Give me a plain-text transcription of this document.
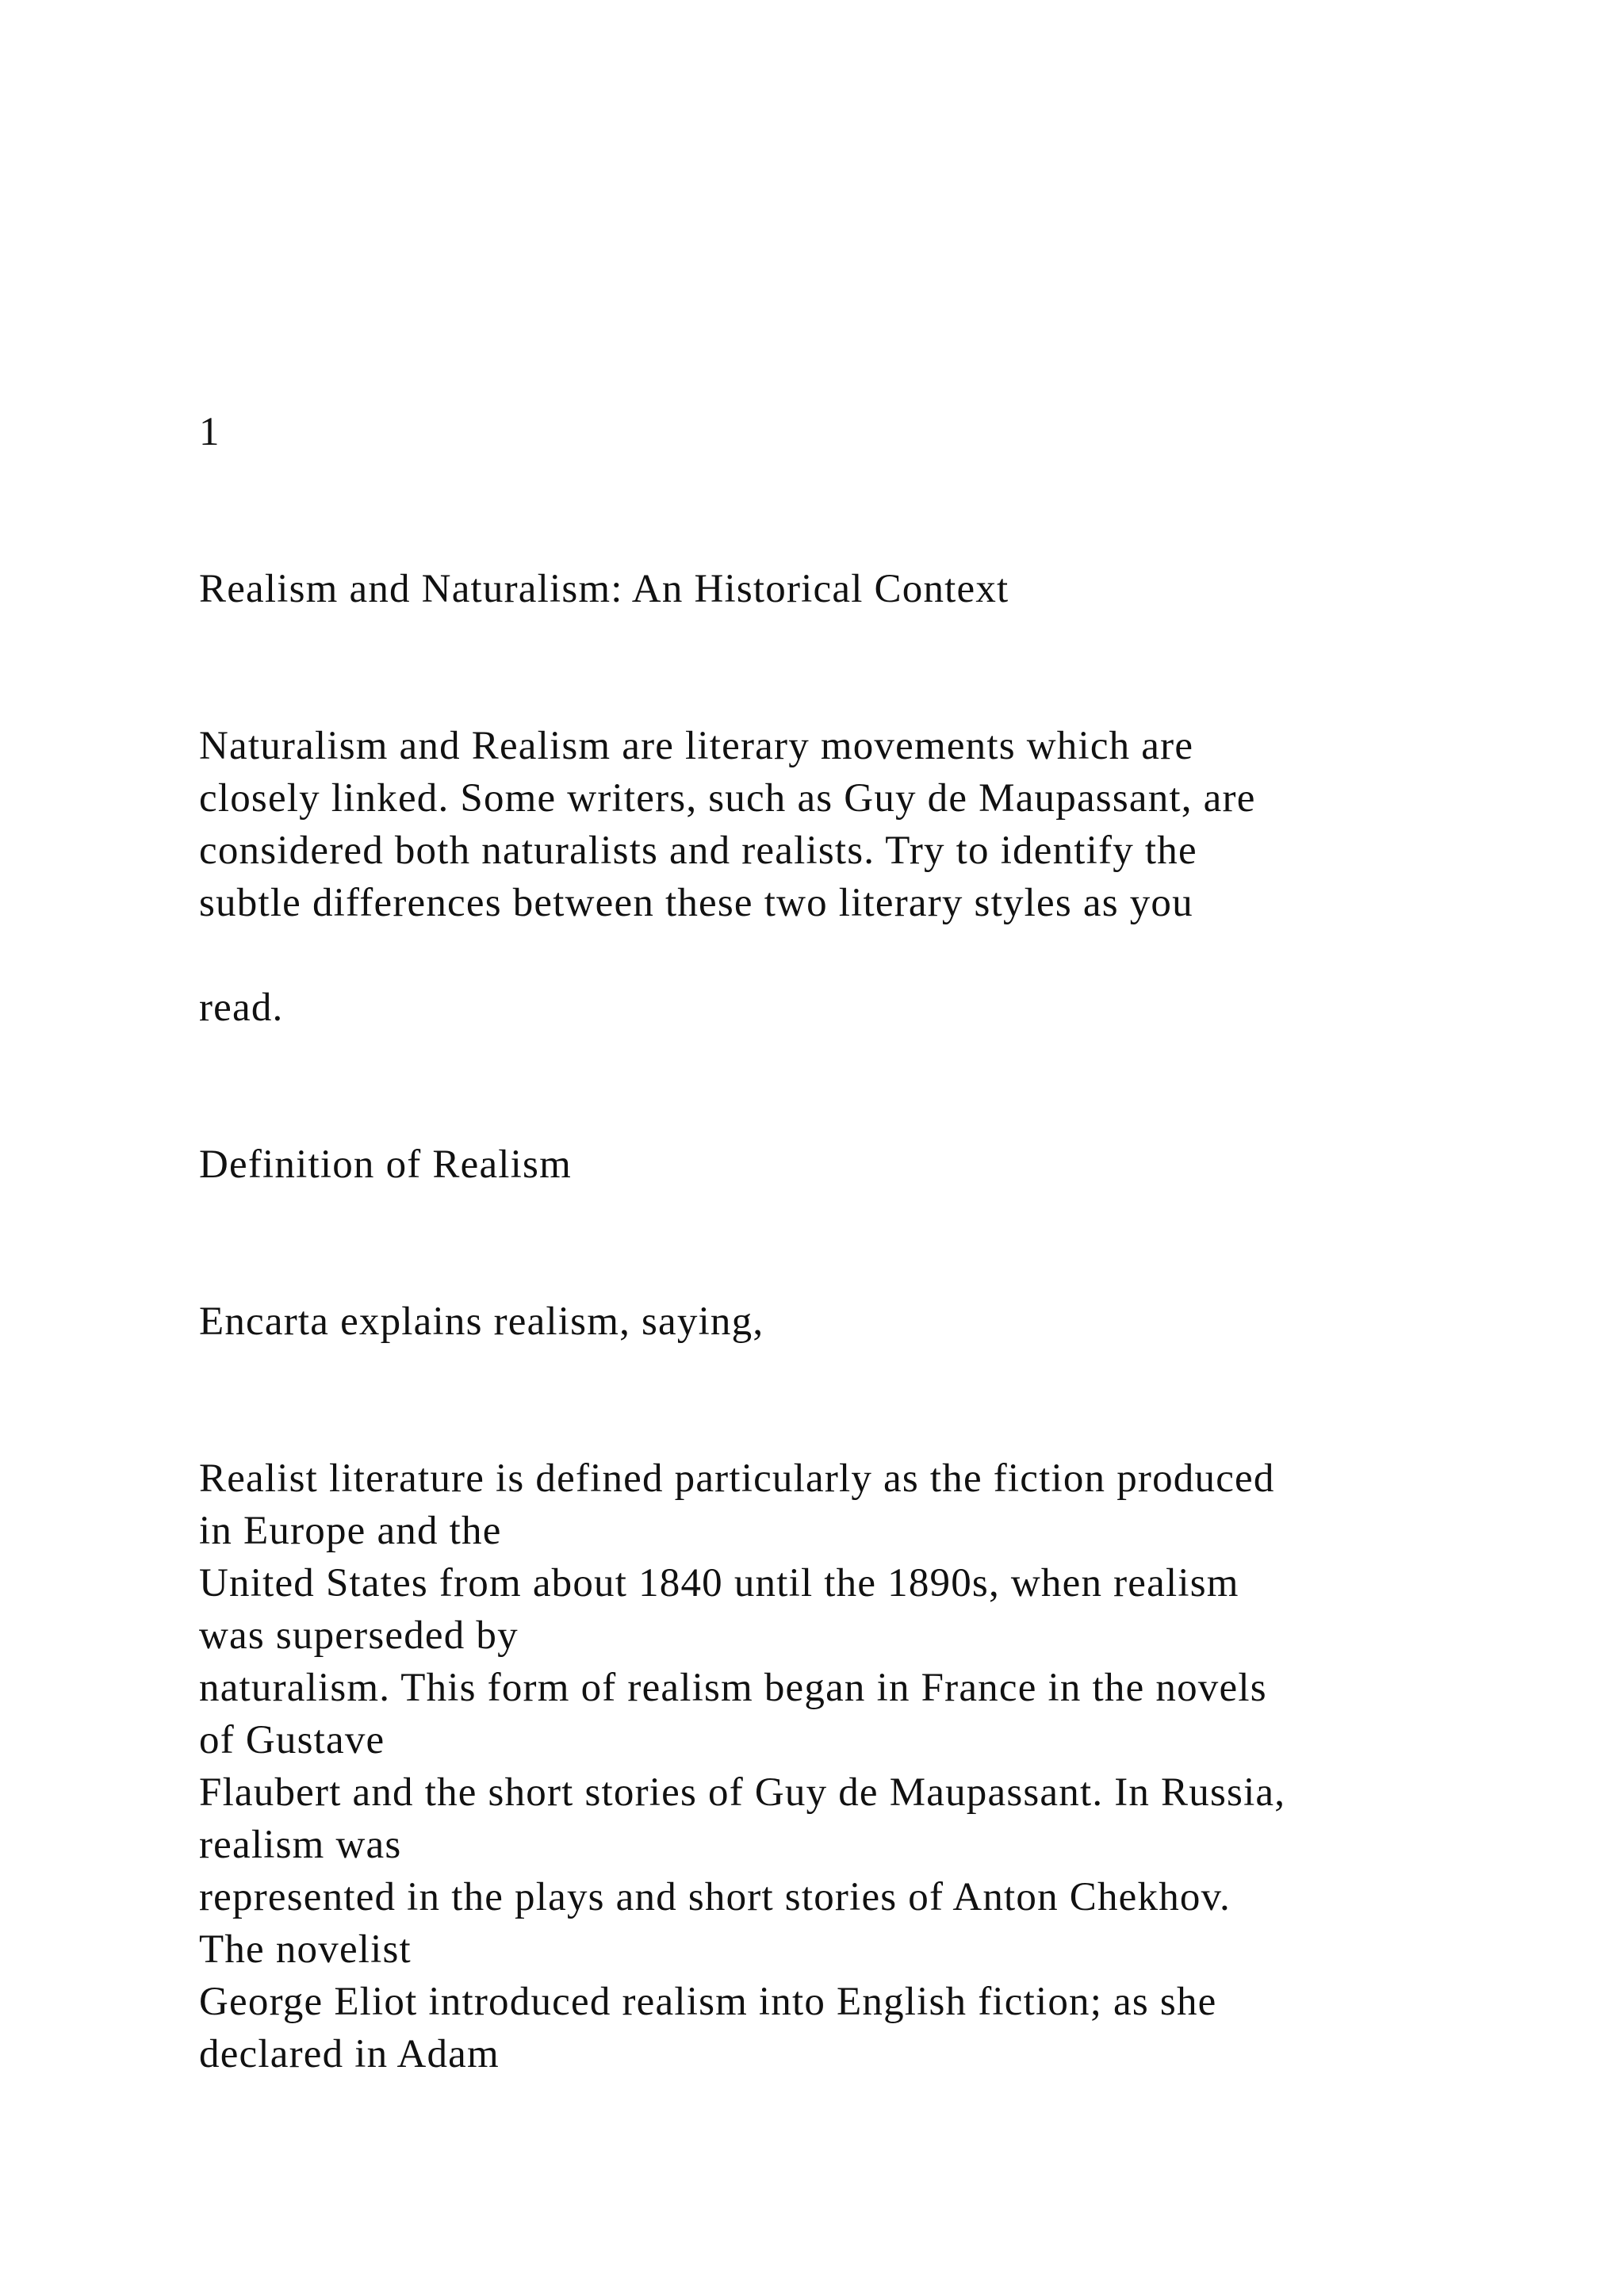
1
Realism and Naturalism: An Historical Context
Naturalism and Realism are literary movements which are
closely linked. Some writers, such as Guy de Maupassant, are
considered both naturalists and realists. Try to identify the
subtle differences between these two literary styles as you
read.
Definition of Realism
Encarta explains realism, saying,
Realist literature is defined particularly as the fiction produced
in Europe and the
United States from about 1840 until the 1890s, when realism
was superseded by
naturalism. This form of realism began in France in the novels
of Gustave
Flaubert and the short stories of Guy de Maupassant. In Russia,
realism was
represented in the plays and short stories of Anton Chekhov.
The novelist
George Eliot introduced realism into English fiction; as she
declared in Adam
